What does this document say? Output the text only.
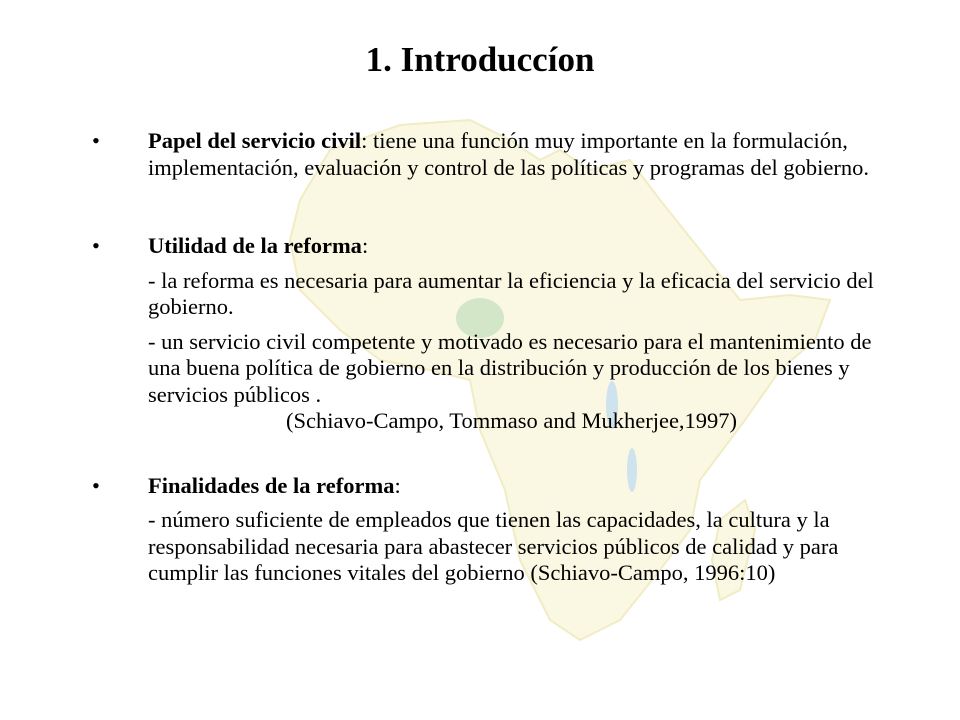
1. Introduccíon

• Papel del servicio civil: tiene una función muy importante en la formulación, implementación, evaluación y control de las políticas y programas del gobierno.

• Utilidad de la reforma:

- la reforma es necesaria para aumentar la eficiencia y la eficacia del servicio del gobierno.

- un servicio civil competente y motivado es necesario para el mantenimiento de una buena política de gobierno en la distribución y producción de los bienes y servicios públicos .
(Schiavo-Campo, Tommaso and Mukherjee,1997)

• Finalidades de la reforma:

- número suficiente de empleados que tienen las capacidades, la cultura y la responsabilidad necesaria para abastecer servicios públicos de calidad y para cumplir las funciones vitales del gobierno (Schiavo-Campo, 1996:10)
